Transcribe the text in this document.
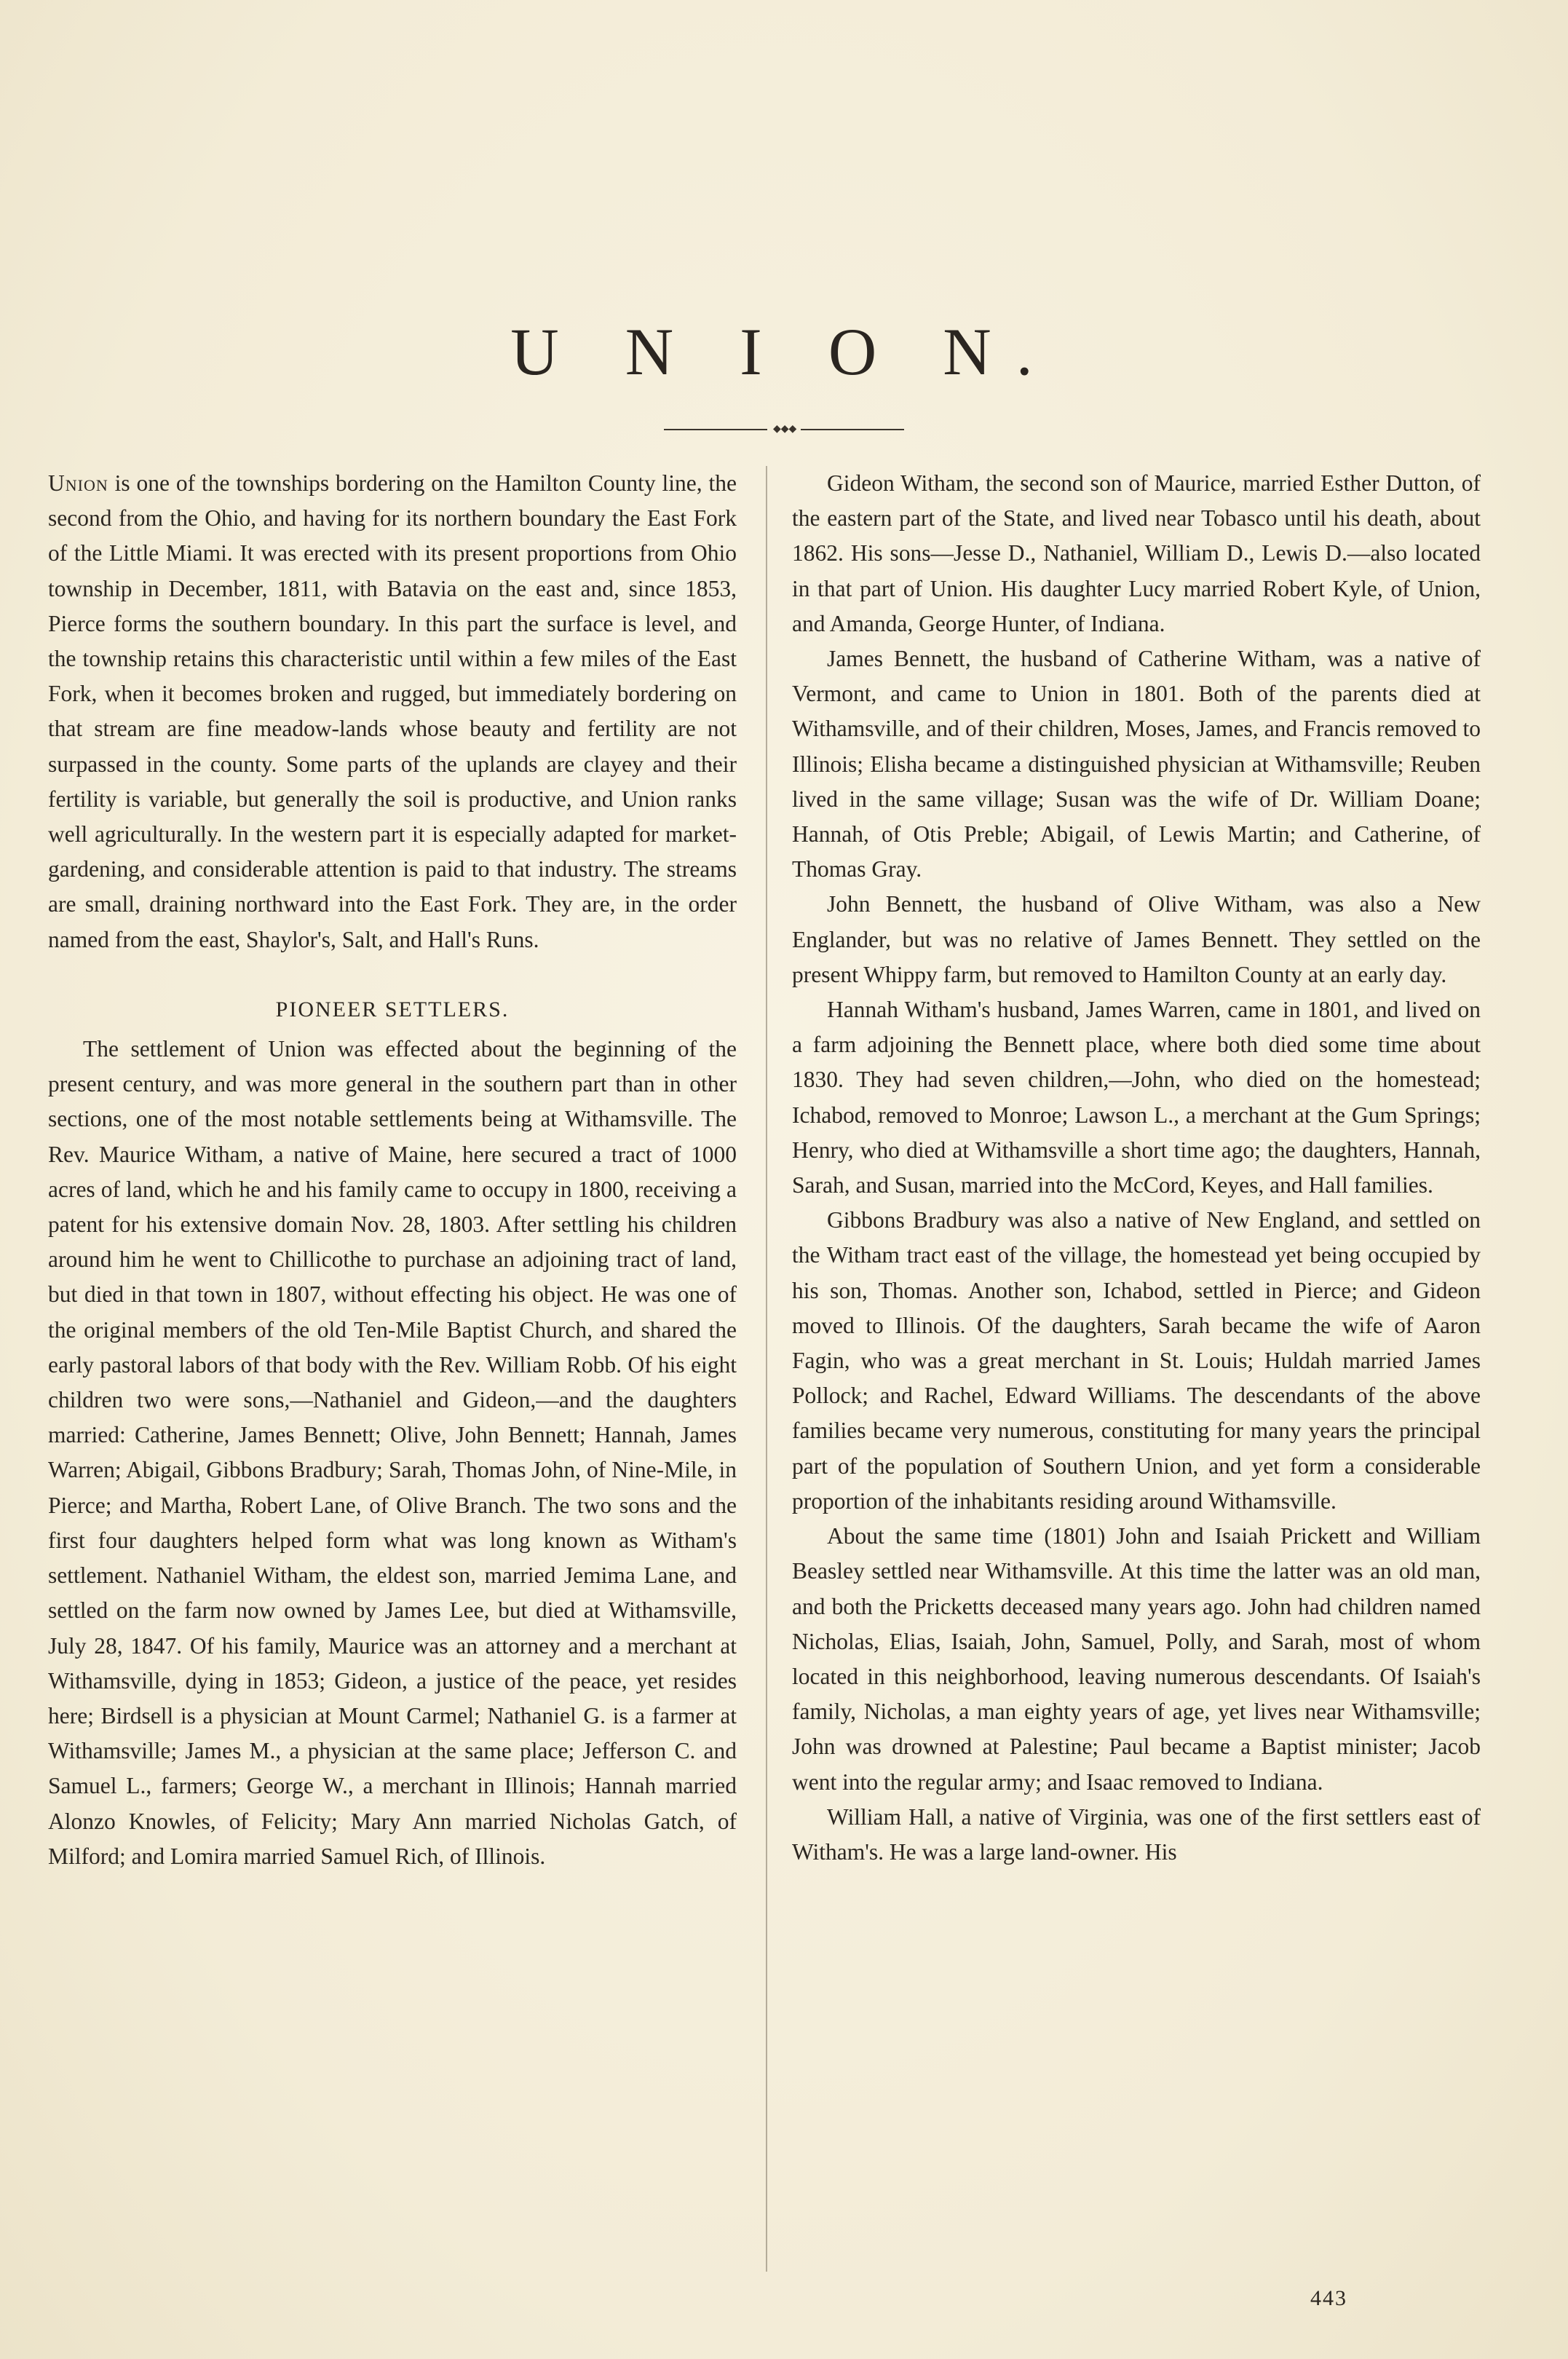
U N I O N.
◆◆◆

Union is one of the townships bordering on the Hamilton County line, the second from the Ohio, and having for its northern boundary the East Fork of the Little Miami. It was erected with its present proportions from Ohio township in December, 1811, with Batavia on the east and, since 1853, Pierce forms the southern boundary. In this part the surface is level, and the township retains this characteristic until within a few miles of the East Fork, when it becomes broken and rugged, but immediately bordering on that stream are fine meadow-lands whose beauty and fertility are not surpassed in the county. Some parts of the uplands are clayey and their fertility is variable, but generally the soil is productive, and Union ranks well agriculturally. In the western part it is especially adapted for market-gardening, and considerable attention is paid to that industry. The streams are small, draining northward into the East Fork. They are, in the order named from the east, Shaylor's, Salt, and Hall's Runs.

PIONEER SETTLERS.

The settlement of Union was effected about the beginning of the present century, and was more general in the southern part than in other sections, one of the most notable settlements being at Withamsville. The Rev. Maurice Witham, a native of Maine, here secured a tract of 1000 acres of land, which he and his family came to occupy in 1800, receiving a patent for his extensive domain Nov. 28, 1803. After settling his children around him he went to Chillicothe to purchase an adjoining tract of land, but died in that town in 1807, without effecting his object. He was one of the original members of the old Ten-Mile Baptist Church, and shared the early pastoral labors of that body with the Rev. William Robb. Of his eight children two were sons,—Nathaniel and Gideon,—and the daughters married: Catherine, James Bennett; Olive, John Bennett; Hannah, James Warren; Abigail, Gibbons Bradbury; Sarah, Thomas John, of Nine-Mile, in Pierce; and Martha, Robert Lane, of Olive Branch. The two sons and the first four daughters helped form what was long known as Witham's settlement. Nathaniel Witham, the eldest son, married Jemima Lane, and settled on the farm now owned by James Lee, but died at Withamsville, July 28, 1847. Of his family, Maurice was an attorney and a merchant at Withamsville, dying in 1853; Gideon, a justice of the peace, yet resides here; Birdsell is a physician at Mount Carmel; Nathaniel G. is a farmer at Withamsville; James M., a physician at the same place; Jefferson C. and Samuel L., farmers; George W., a merchant in Illinois; Hannah married Alonzo Knowles, of Felicity; Mary Ann married Nicholas Gatch, of Milford; and Lomira married Samuel Rich, of Illinois.

Gideon Witham, the second son of Maurice, married Esther Dutton, of the eastern part of the State, and lived near Tobasco until his death, about 1862. His sons—Jesse D., Nathaniel, William D., Lewis D.—also located in that part of Union. His daughter Lucy married Robert Kyle, of Union, and Amanda, George Hunter, of Indiana.

James Bennett, the husband of Catherine Witham, was a native of Vermont, and came to Union in 1801. Both of the parents died at Withamsville, and of their children, Moses, James, and Francis removed to Illinois; Elisha became a distinguished physician at Withamsville; Reuben lived in the same village; Susan was the wife of Dr. William Doane; Hannah, of Otis Preble; Abigail, of Lewis Martin; and Catherine, of Thomas Gray.

John Bennett, the husband of Olive Witham, was also a New Englander, but was no relative of James Bennett. They settled on the present Whippy farm, but removed to Hamilton County at an early day.

Hannah Witham's husband, James Warren, came in 1801, and lived on a farm adjoining the Bennett place, where both died some time about 1830. They had seven children,—John, who died on the homestead; Ichabod, removed to Monroe; Lawson L., a merchant at the Gum Springs; Henry, who died at Withamsville a short time ago; the daughters, Hannah, Sarah, and Susan, married into the McCord, Keyes, and Hall families.

Gibbons Bradbury was also a native of New England, and settled on the Witham tract east of the village, the homestead yet being occupied by his son, Thomas. Another son, Ichabod, settled in Pierce; and Gideon moved to Illinois. Of the daughters, Sarah became the wife of Aaron Fagin, who was a great merchant in St. Louis; Huldah married James Pollock; and Rachel, Edward Williams. The descendants of the above families became very numerous, constituting for many years the principal part of the population of Southern Union, and yet form a considerable proportion of the inhabitants residing around Withamsville.

About the same time (1801) John and Isaiah Prickett and William Beasley settled near Withamsville. At this time the latter was an old man, and both the Pricketts deceased many years ago. John had children named Nicholas, Elias, Isaiah, John, Samuel, Polly, and Sarah, most of whom located in this neighborhood, leaving numerous descendants. Of Isaiah's family, Nicholas, a man eighty years of age, yet lives near Withamsville; John was drowned at Palestine; Paul became a Baptist minister; Jacob went into the regular army; and Isaac removed to Indiana.

William Hall, a native of Virginia, was one of the first settlers east of Witham's. He was a large land-owner. His

443
